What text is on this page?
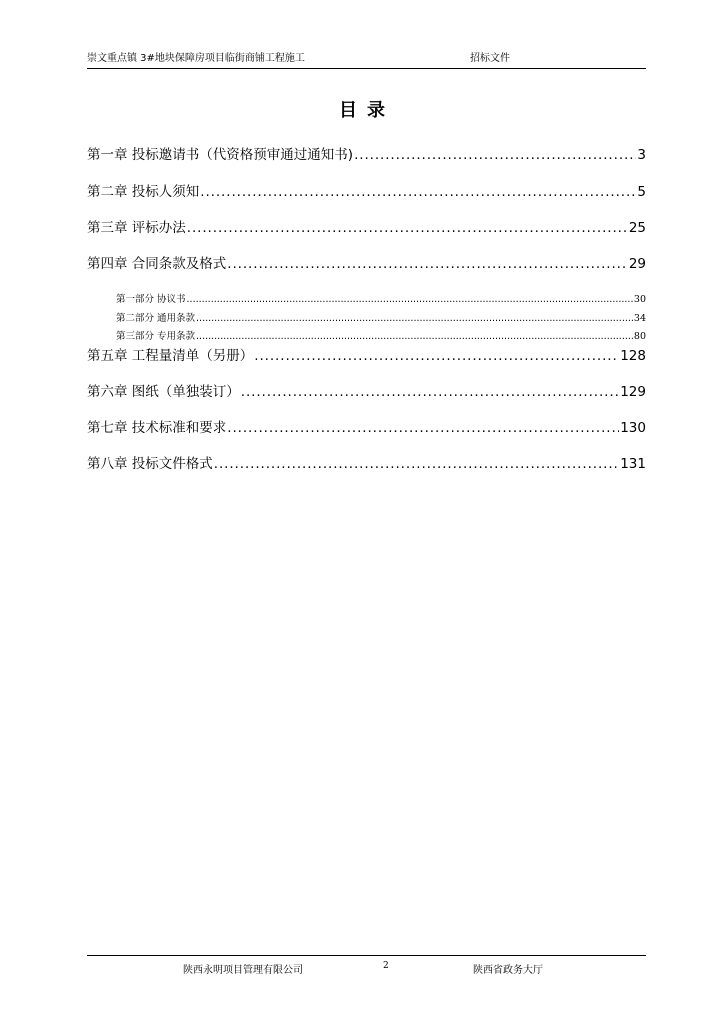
崇文重点镇 3#地块保障房项目临街商铺工程施工	招标文件
目录
第一章 投标邀请书（代资格预审通过通知书) .....	3
第二章 投标人须知 .....	5
第三章 评标办法 .....	25
第四章 合同条款及格式 .....	29
第一部分 协议书 .....	30
第二部分 通用条款 .....	34
第三部分 专用条款 .....	80
第五章 工程量清单（另册） .....	128
第六章 图纸（单独装订） .....	129
第七章 技术标准和要求 .....	130
第八章 投标文件格式 .....	131
陕西永明项目管理有限公司	2	陕西省政务大厅
